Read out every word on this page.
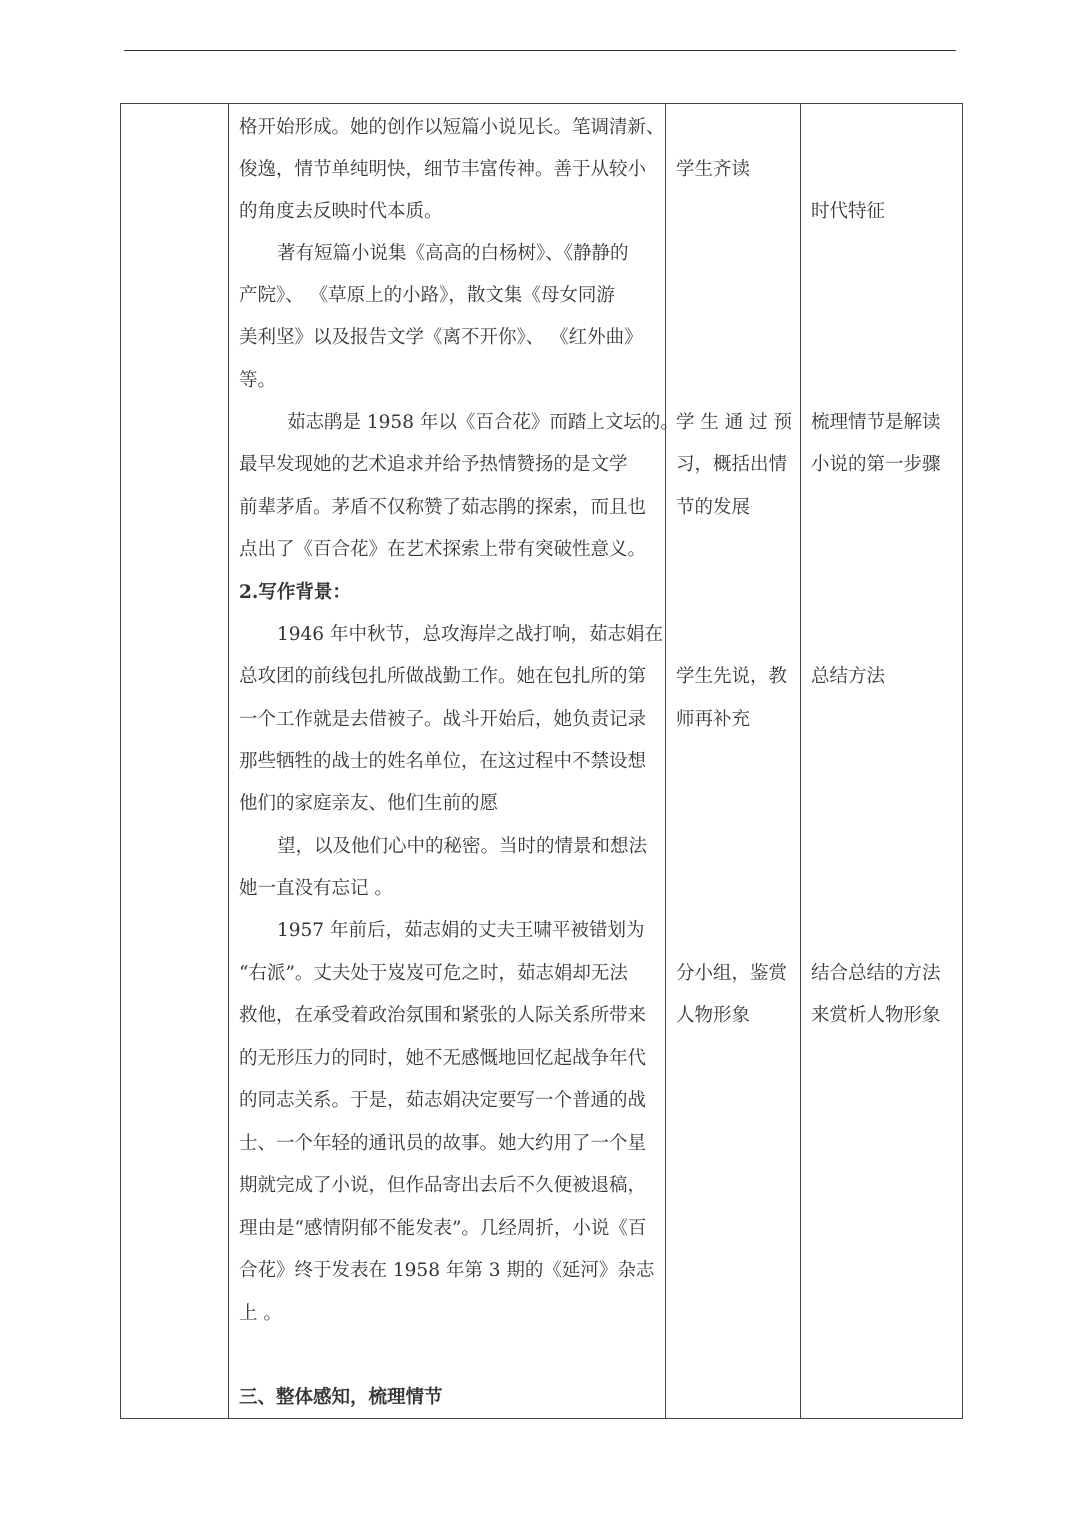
格开始形成。她的创作以短篇小说见长。笔调清新、
俊逸，情节单纯明快，细节丰富传神。善于从较小
的角度去反映时代本质。
著有短篇小说集《高高的白杨树》、《静静的
产院》、 《草原上的小路》，散文集《母女同游
美利坚》以及报告文学《离不开你》、 《红外曲》
等。
茹志鹃是 1958 年以《百合花》而踏上文坛的。
最早发现她的艺术追求并给予热情赞扬的是文学
前辈茅盾。茅盾不仅称赞了茹志鹃的探索，而且也
点出了《百合花》在艺术探索上带有突破性意义。
2.写作背景：
1946 年中秋节，总攻海岸之战打响，茹志娟在
总攻团的前线包扎所做战勤工作。她在包扎所的第
一个工作就是去借被子。战斗开始后，她负责记录
那些牺牲的战士的姓名单位，在这过程中不禁设想
他们的家庭亲友、他们生前的愿
望，以及他们心中的秘密。当时的情景和想法
她一直没有忘记 。
1957 年前后，茹志娟的丈夫王啸平被错划为
“右派”。丈夫处于岌岌可危之时，茹志娟却无法
救他，在承受着政治氛围和紧张的人际关系所带来
的无形压力的同时，她不无感慨地回忆起战争年代
的同志关系。于是，茹志娟决定要写一个普通的战
士、一个年轻的通讯员的故事。她大约用了一个星
期就完成了小说，但作品寄出去后不久便被退稿，
理由是“感情阴郁不能发表”。几经周折，小说《百
合花》终于发表在 1958 年第 3 期的《延河》杂志
上 。
三、整体感知，梳理情节
学生齐读
学 生 通 过 预
习，概括出情
节的发展
学生先说，教
师再补充
分小组，鉴赏
人物形象
时代特征
梳理情节是解读
小说的第一步骤
总结方法
结合总结的方法
来赏析人物形象
